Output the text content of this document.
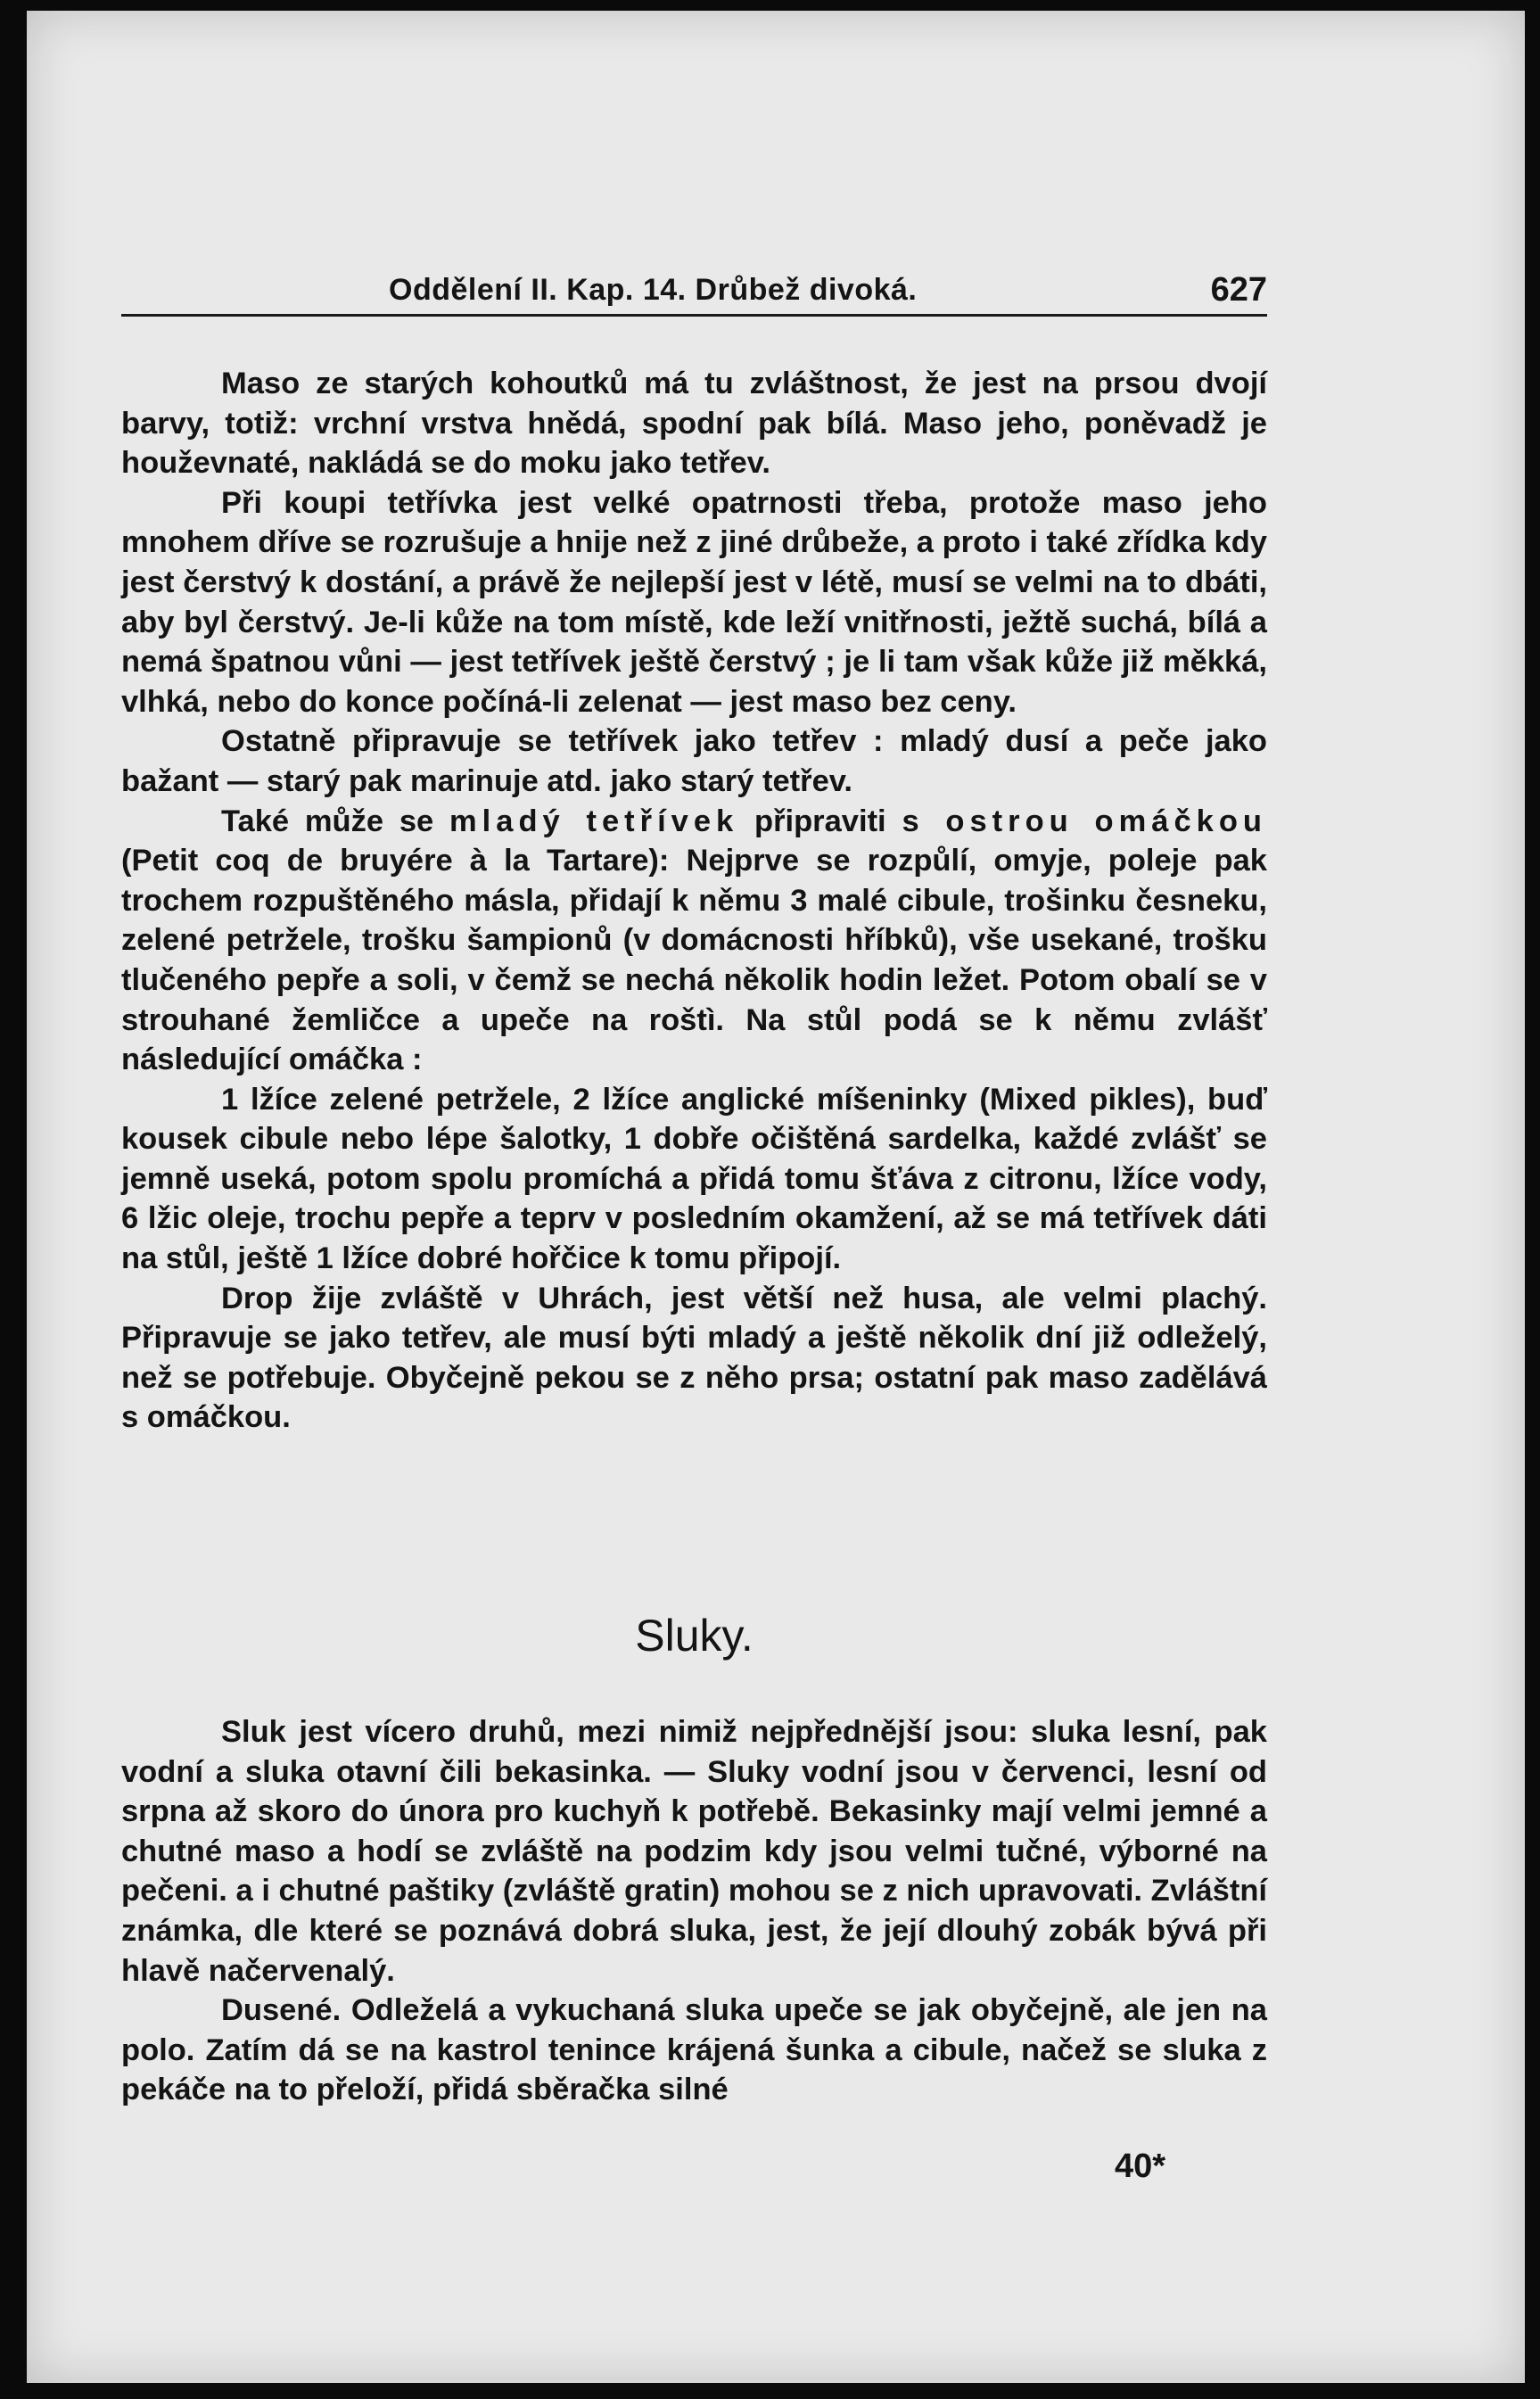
Oddělení II. Kap. 14. Drůbež divoká.	627

Maso ze starých kohoutků má tu zvláštnost, že jest na prsou dvojí barvy, totiž: vrchní vrstva hnědá, spodní pak bílá. Maso jeho, poněvadž je houževnaté, nakládá se do moku jako tetřev.

Při koupi tetřívka jest velké opatrnosti třeba, protože maso jeho mnohem dříve se rozrušuje a hnije než z jiné drůbeže, a proto i také zřídka kdy jest čerstvý k dostání, a právě že nejlepší jest v létě, musí se velmi na to dbáti, aby byl čerstvý. Je-li kůže na tom místě, kde leží vnitřnosti, ježtě suchá, bílá a nemá špatnou vůni — jest tetřívek ještě čerstvý ; je li tam však kůže již měkká, vlhká, nebo do konce počíná-li zelenat — jest maso bez ceny.

Ostatně připravuje se tetřívek jako tetřev : mladý dusí a peče jako bažant — starý pak marinuje atd. jako starý tetřev.

Také může se mladý tetřívek připraviti s ostrou omáčkou (Petit coq de bruyére à la Tartare): Nejprve se rozpůlí, omyje, poleje pak trochem rozpuštěného másla, přidají k němu 3 malé cibule, trošinku česneku, zelené petržele, trošku šampionů (v domácnosti hříbků), vše usekané, trošku tlučeného pepře a soli, v čemž se nechá několik hodin ležet. Potom obalí se v strouhané žemličce a upeče na roštì. Na stůl podá se k němu zvlášť následující omáčka :

1 lžíce zelené petržele, 2 lžíce anglické míšeninky (Mixed pikles), buď kousek cibule nebo lépe šalotky, 1 dobře očištěná sardelka, každé zvlášť se jemně useká, potom spolu promíchá a přidá tomu šťáva z citronu, lžíce vody, 6 lžic oleje, trochu pepře a teprv v posledním okamžení, až se má tetřívek dáti na stůl, ještě 1 lžíce dobré hořčice k tomu připojí.

Drop žije zvláště v Uhrách, jest větší než husa, ale velmi plachý. Připravuje se jako tetřev, ale musí býti mladý a ještě několik dní již odleželý, než se potřebuje. Obyčejně pekou se z něho prsa; ostatní pak maso zadělává s omáčkou.

Sluky.

Sluk jest vícero druhů, mezi nimiž nejpřednější jsou: sluka lesní, pak vodní a sluka otavní čili bekasinka. — Sluky vodní jsou v červenci, lesní od srpna až skoro do února pro kuchyň k potřebě. Bekasinky mají velmi jemné a chutné maso a hodí se zvláště na podzim kdy jsou velmi tučné, výborné na pečeni. a i chutné paštiky (zvláště gratin) mohou se z nich upravovati. Zvláštní známka, dle které se poznává dobrá sluka, jest, že její dlouhý zobák bývá při hlavě načervenalý.

Dusené. Odleželá a vykuchaná sluka upeče se jak obyčejně, ale jen na polo. Zatím dá se na kastrol tenince krájená šunka a cibule, načež se sluka z pekáče na to přeloží, přidá sběračka silné

40*
